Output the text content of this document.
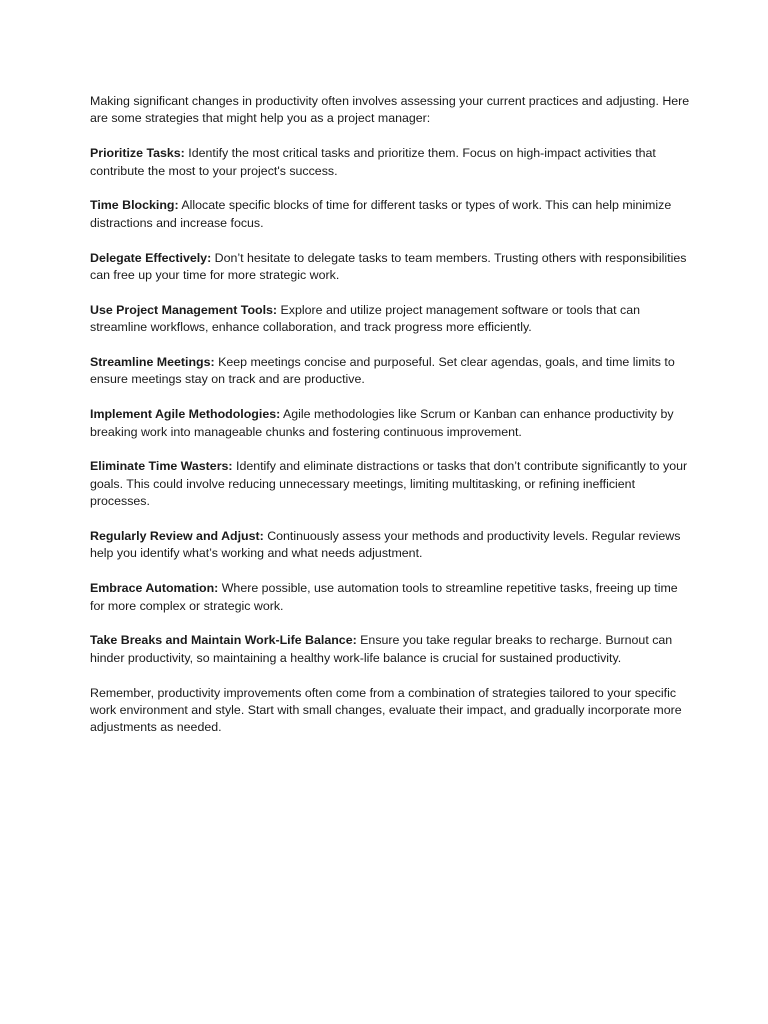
Making significant changes in productivity often involves assessing your current practices and adjusting. Here are some strategies that might help you as a project manager:

Prioritize Tasks: Identify the most critical tasks and prioritize them. Focus on high-impact activities that contribute the most to your project's success.

Time Blocking: Allocate specific blocks of time for different tasks or types of work. This can help minimize distractions and increase focus.

Delegate Effectively: Don’t hesitate to delegate tasks to team members. Trusting others with responsibilities can free up your time for more strategic work.

Use Project Management Tools: Explore and utilize project management software or tools that can streamline workflows, enhance collaboration, and track progress more efficiently.

Streamline Meetings: Keep meetings concise and purposeful. Set clear agendas, goals, and time limits to ensure meetings stay on track and are productive.

Implement Agile Methodologies: Agile methodologies like Scrum or Kanban can enhance productivity by breaking work into manageable chunks and fostering continuous improvement.

Eliminate Time Wasters: Identify and eliminate distractions or tasks that don’t contribute significantly to your goals. This could involve reducing unnecessary meetings, limiting multitasking, or refining inefficient processes.

Regularly Review and Adjust: Continuously assess your methods and productivity levels. Regular reviews help you identify what’s working and what needs adjustment.

Embrace Automation: Where possible, use automation tools to streamline repetitive tasks, freeing up time for more complex or strategic work.

Take Breaks and Maintain Work-Life Balance: Ensure you take regular breaks to recharge. Burnout can hinder productivity, so maintaining a healthy work-life balance is crucial for sustained productivity.

Remember, productivity improvements often come from a combination of strategies tailored to your specific work environment and style. Start with small changes, evaluate their impact, and gradually incorporate more adjustments as needed.
